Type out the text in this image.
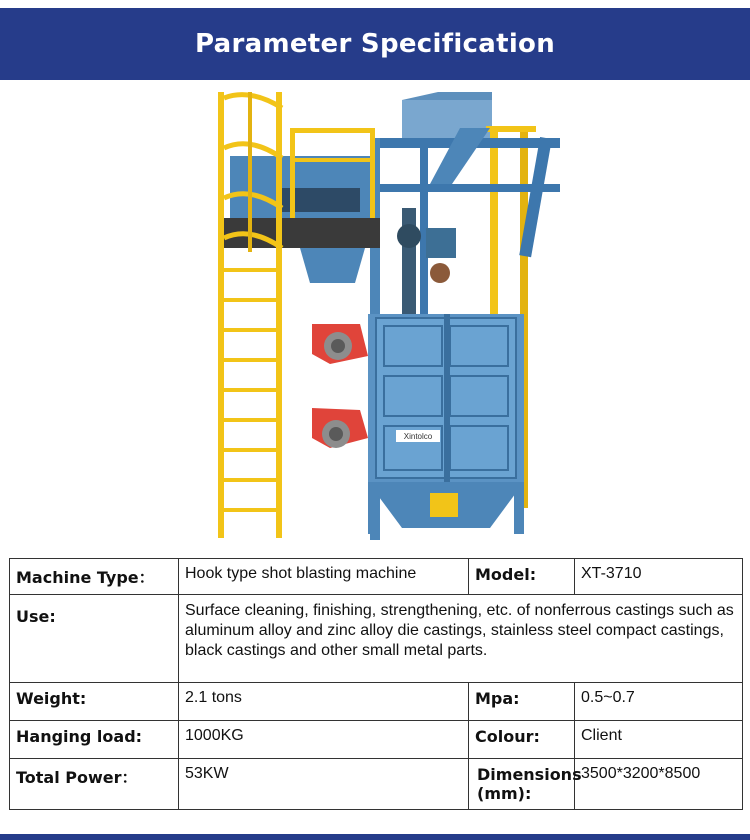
Parameter Specification
Xintolco
Machine Type：	Hook type shot blasting machine	Model:	XT-3710
Use:	Surface cleaning, finishing, strengthening, etc. of nonferrous castings such as aluminum alloy and zinc alloy die castings, stainless steel compact castings, black castings and other small metal parts.		
Weight:	2.1 tons	Mpa:	0.5~0.7
Hanging load:	1000KG	Colour:	Client
Total Power：	53KW	Dimensions (mm):	3500*3200*8500
